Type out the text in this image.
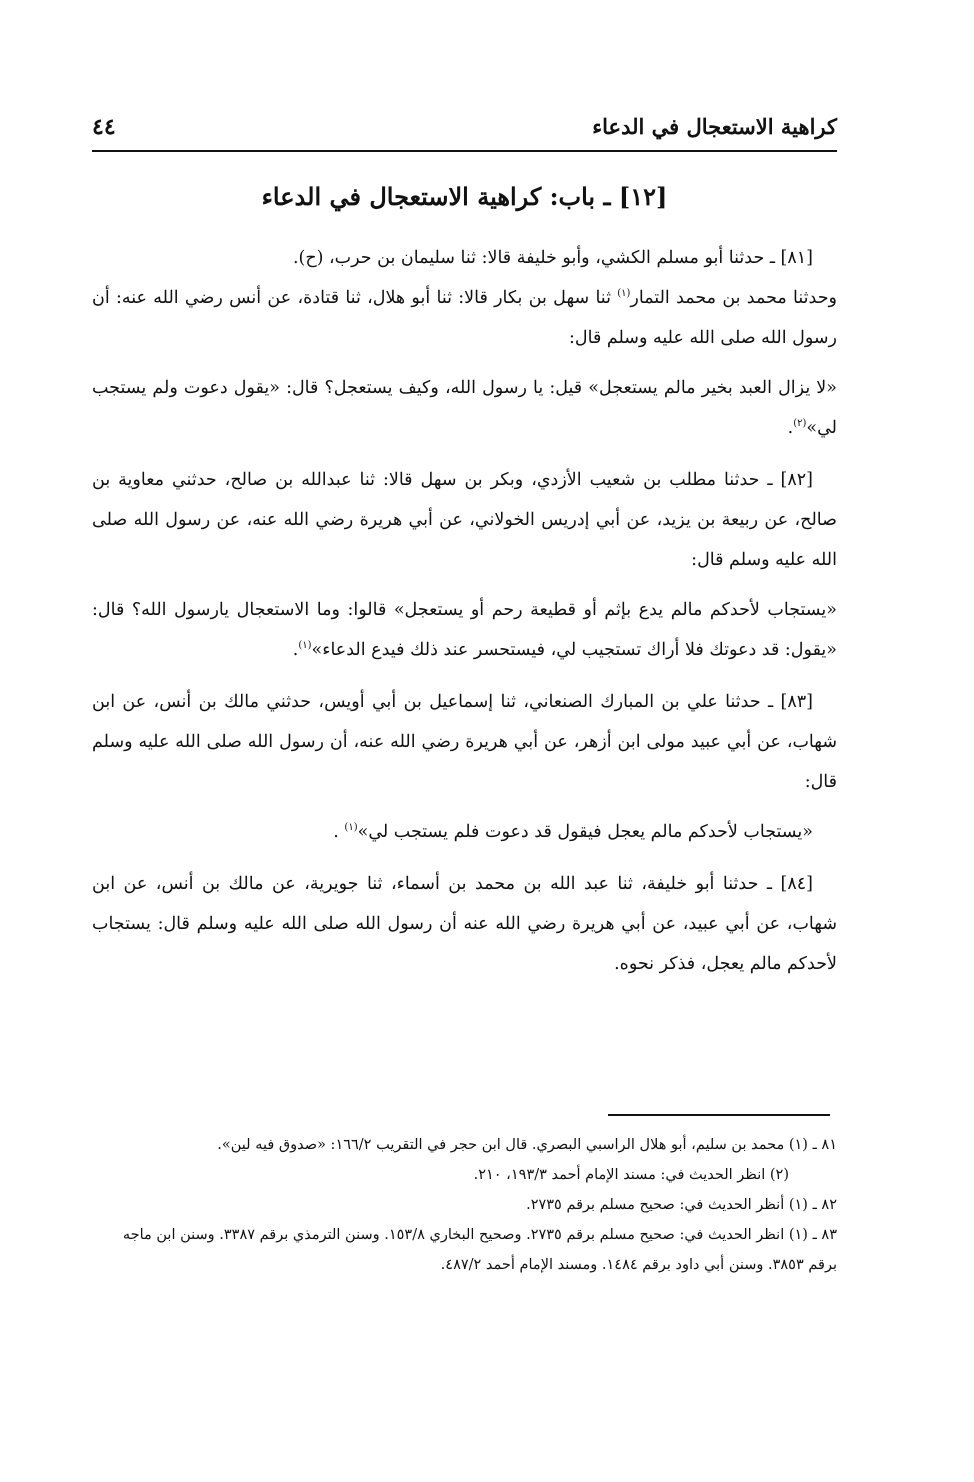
كراهية الاستعجال في الدعاء
٤٤
[١٢] ـ باب: كراهية الاستعجال في الدعاء

[٨١] ـ حدثنا أبو مسلم الكشي، وأبو خليفة قالا: ثنا سليمان بن حرب، (ح).
وحدثنا محمد بن محمد التمار$^{(١)}$ ثنا سهل بن بكار قالا: ثنا أبو هلال، ثنا قتادة، عن أنس رضي الله عنه: أن رسول الله صلى الله عليه وسلم قال:

«لا يزال العبد بخير مالم يستعجل» قيل: يا رسول الله، وكيف يستعجل؟ قال: «يقول دعوت ولم يستجب لي»$^{(٢)}$.

[٨٢] ـ حدثنا مطلب بن شعيب الأزدي، وبكر بن سهل قالا: ثنا عبدالله بن صالح، حدثني معاوية بن صالح، عن ربيعة بن يزيد، عن أبي إدريس الخولاني، عن أبي هريرة رضي الله عنه، عن رسول الله صلى الله عليه وسلم قال:

«يستجاب لأحدكم مالم يدع بإثم أو قطيعة رحم أو يستعجل» قالوا: وما الاستعجال يارسول الله؟ قال: «يقول: قد دعوتك فلا أراك تستجيب لي، فيستحسر عند ذلك فيدع الدعاء»$^{(١)}$.

[٨٣] ـ حدثنا علي بن المبارك الصنعاني، ثنا إسماعيل بن أبي أويس، حدثني مالك بن أنس، عن ابن شهاب، عن أبي عبيد مولى ابن أزهر، عن أبي هريرة رضي الله عنه، أن رسول الله صلى الله عليه وسلم قال:

«يستجاب لأحدكم مالم يعجل فيقول قد دعوت فلم يستجب لي»$^{(١)}$ .

[٨٤] ـ حدثنا أبو خليفة، ثنا عبد الله بن محمد بن أسماء، ثنا جويرية، عن مالك بن أنس، عن ابن شهاب، عن أبي عبيد، عن أبي هريرة رضي الله عنه أن رسول الله صلى الله عليه وسلم قال: يستجاب لأحدكم مالم يعجل، فذكر نحوه.

٨١ ـ (١) محمد بن سليم، أبو هلال الراسبي البصري. قال ابن حجر في التقريب ١٦٦/٢: «صدوق فيه لين».

(٢) انظر الحديث في: مسند الإمام أحمد ١٩٣/٣، ٢١٠.

٨٢ ـ (١) أنظر الحديث في: صحيح مسلم برقم ٢٧٣٥.

٨٣ ـ (١) انظر الحديث في: صحيح مسلم برقم ٢٧٣٥. وصحيح البخاري ١٥٣/٨. وسنن الترمذي برقم ٣٣٨٧. وسنن ابن ماجه برقم ٣٨٥٣. وسنن أبي داود برقم ١٤٨٤. ومسند الإمام أحمد ٤٨٧/٢.
